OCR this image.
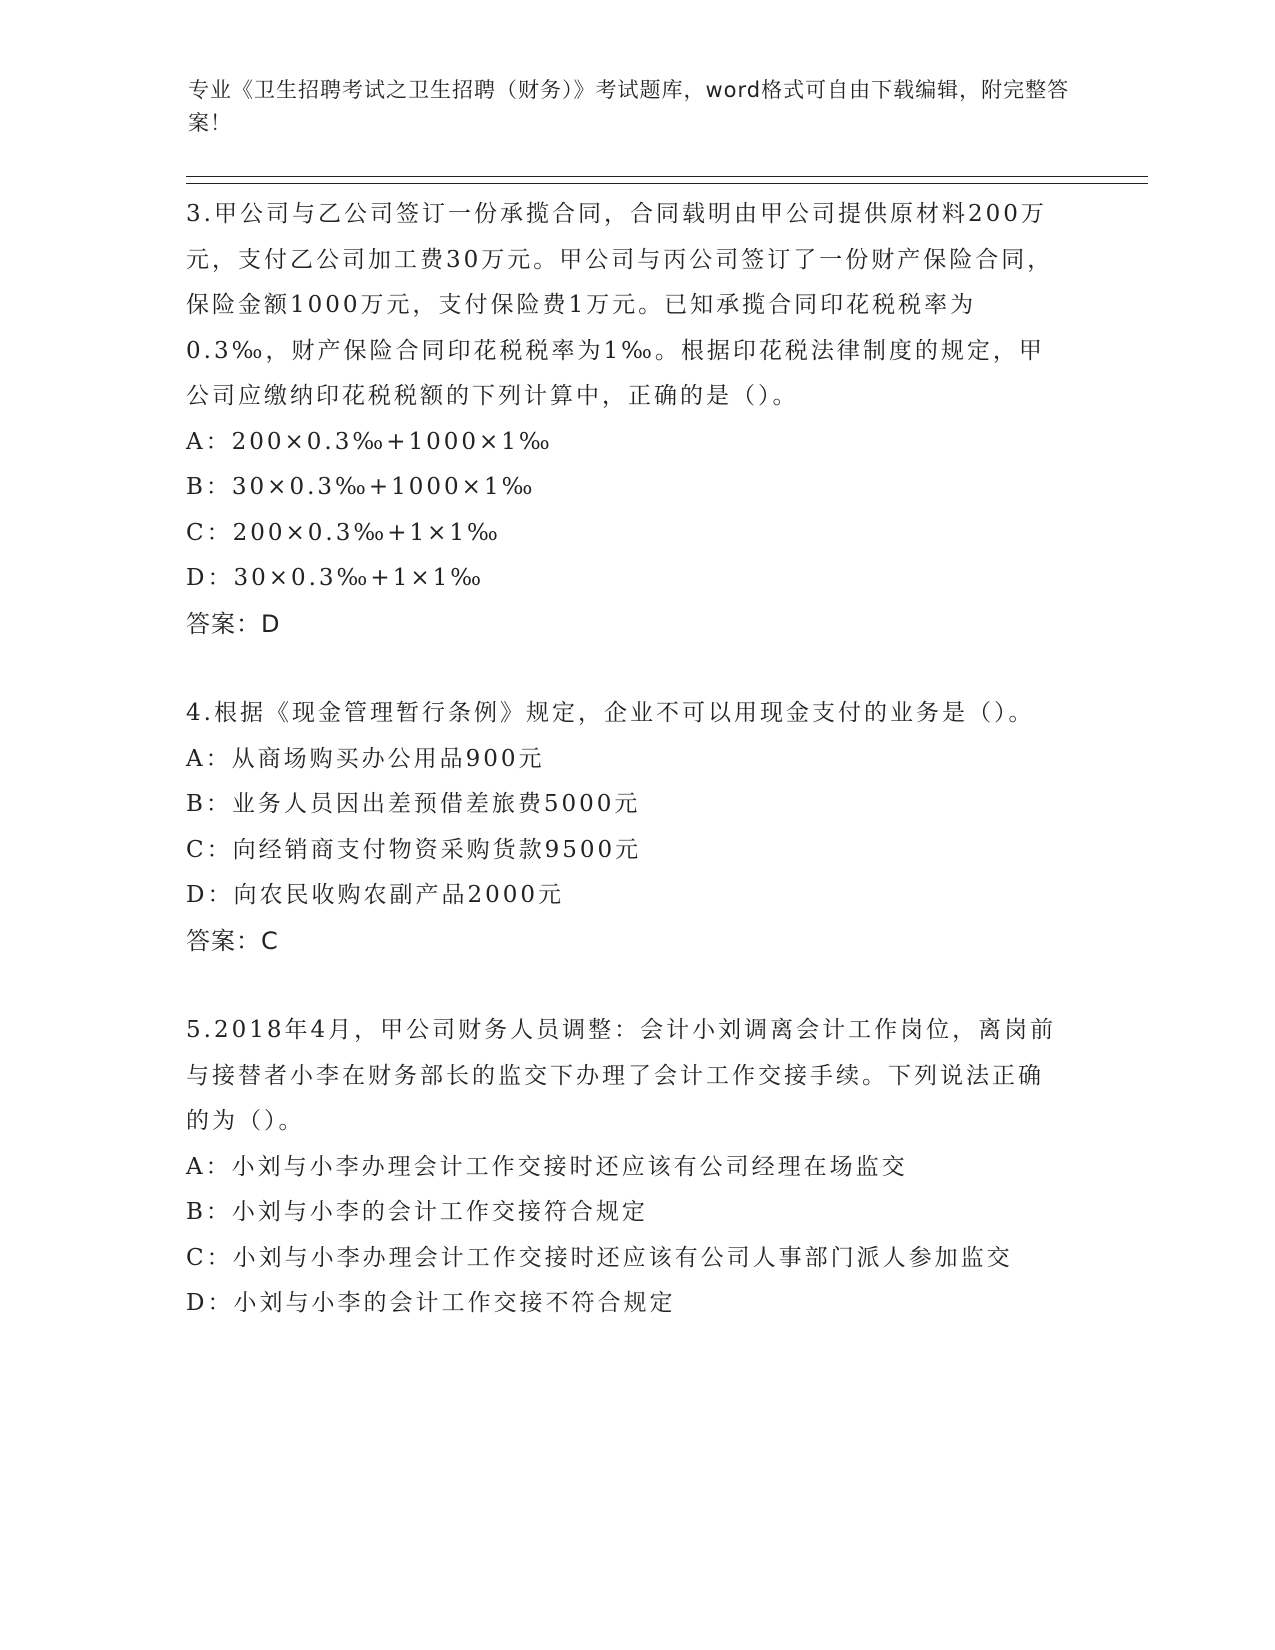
专业《卫生招聘考试之卫生招聘（财务）》考试题库，word格式可自由下载编辑，附完整答案！

3.甲公司与乙公司签订一份承揽合同，合同载明由甲公司提供原材料200万元，支付乙公司加工费30万元。甲公司与丙公司签订了一份财产保险合同，保险金额1000万元，支付保险费1万元。已知承揽合同印花税税率为0.3‰，财产保险合同印花税税率为1‰。根据印花税法律制度的规定，甲公司应缴纳印花税税额的下列计算中，正确的是（）。

A：200×0.3‰+1000×1‰

B：30×0.3‰+1000×1‰

C：200×0.3‰+1×1‰

D：30×0.3‰+1×1‰

答案：D

4.根据《现金管理暂行条例》规定，企业不可以用现金支付的业务是（）。

A：从商场购买办公用品900元

B：业务人员因出差预借差旅费5000元

C：向经销商支付物资采购货款9500元

D：向农民收购农副产品2000元

答案：C

5.2018年4月，甲公司财务人员调整：会计小刘调离会计工作岗位，离岗前与接替者小李在财务部长的监交下办理了会计工作交接手续。下列说法正确的为（）。

A：小刘与小李办理会计工作交接时还应该有公司经理在场监交

B：小刘与小李的会计工作交接符合规定

C：小刘与小李办理会计工作交接时还应该有公司人事部门派人参加监交

D：小刘与小李的会计工作交接不符合规定
